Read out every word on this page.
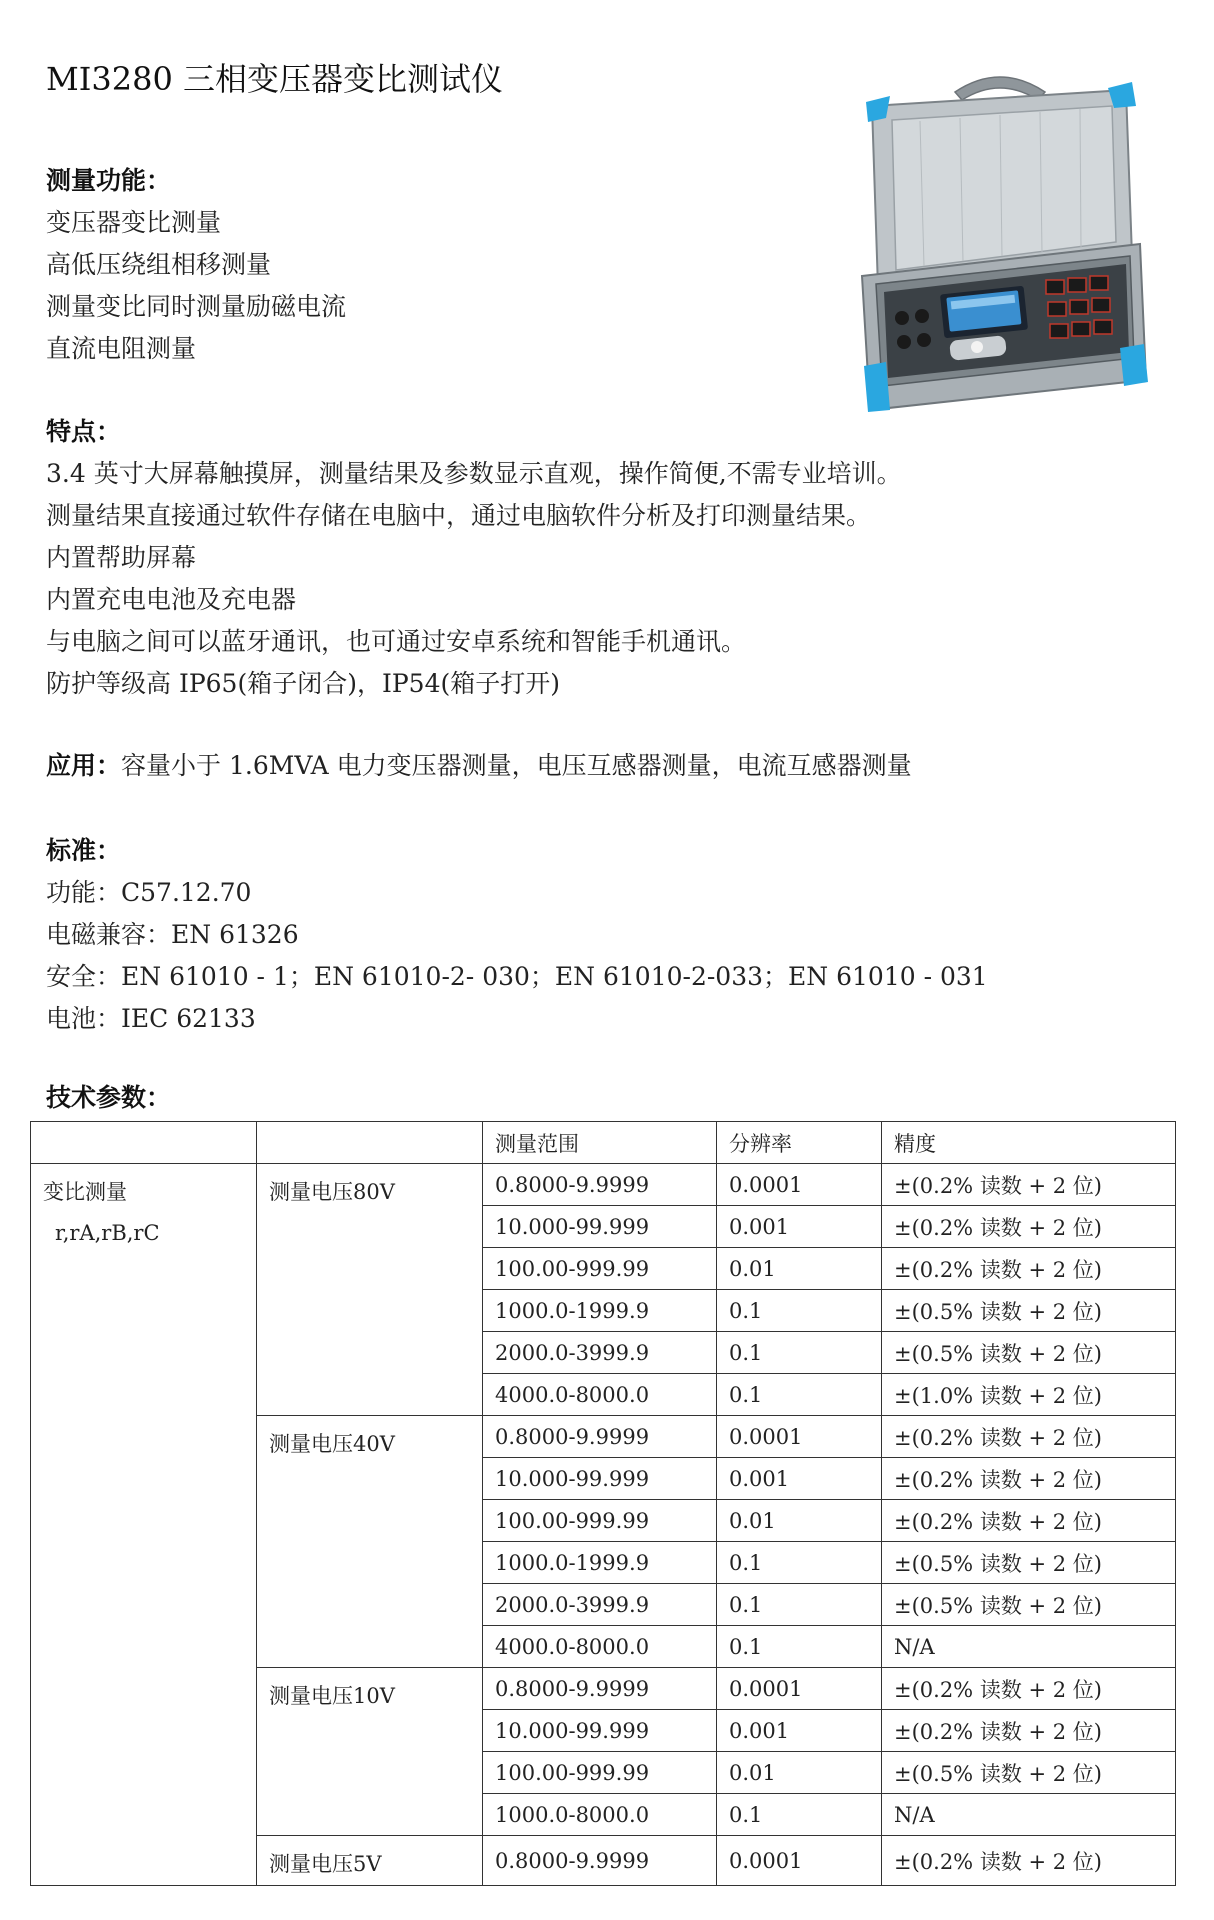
MI3280 三相变压器变比测试仪
测量功能：
变压器变比测量
高低压绕组相移测量
测量变比同时测量励磁电流
直流电阻测量
特点：
3.4 英寸大屏幕触摸屏，测量结果及参数显示直观，操作简便,不需专业培训。
测量结果直接通过软件存储在电脑中，通过电脑软件分析及打印测量结果。
内置帮助屏幕
内置充电电池及充电器
与电脑之间可以蓝牙通讯，也可通过安卓系统和智能手机通讯。
防护等级高 IP65(箱子闭合)，IP54(箱子打开)
应用：容量小于 1.6MVA 电力变压器测量，电压互感器测量，电流互感器测量
标准：
功能：C57.12.70
电磁兼容：EN 61326
安全：EN 61010 - 1；EN 61010-2- 030；EN 61010-2-033；EN 61010 - 031
电池：IEC 62133
技术参数：
		测量范围	分辨率	精度

变比测量
r,rA,rB,rC	测量电压80V	0.8000-9.9999	0.0001	±(0.2% 读数 + 2 位)
		10.000-99.999	0.001	±(0.2% 读数 + 2 位)
		100.00-999.99	0.01	±(0.2% 读数 + 2 位)
		1000.0-1999.9	0.1	±(0.5% 读数 + 2 位)
		2000.0-3999.9	0.1	±(0.5% 读数 + 2 位)
		4000.0-8000.0	0.1	±(1.0% 读数 + 2 位)
	测量电压40V	0.8000-9.9999	0.0001	±(0.2% 读数 + 2 位)
		10.000-99.999	0.001	±(0.2% 读数 + 2 位)
		100.00-999.99	0.01	±(0.2% 读数 + 2 位)
		1000.0-1999.9	0.1	±(0.5% 读数 + 2 位)
		2000.0-3999.9	0.1	±(0.5% 读数 + 2 位)
		4000.0-8000.0	0.1	N/A
	测量电压10V	0.8000-9.9999	0.0001	±(0.2% 读数 + 2 位)
		10.000-99.999	0.001	±(0.2% 读数 + 2 位)
		100.00-999.99	0.01	±(0.5% 读数 + 2 位)
		1000.0-8000.0	0.1	N/A
	测量电压5V	0.8000-9.9999	0.0001	±(0.2% 读数 + 2 位)
